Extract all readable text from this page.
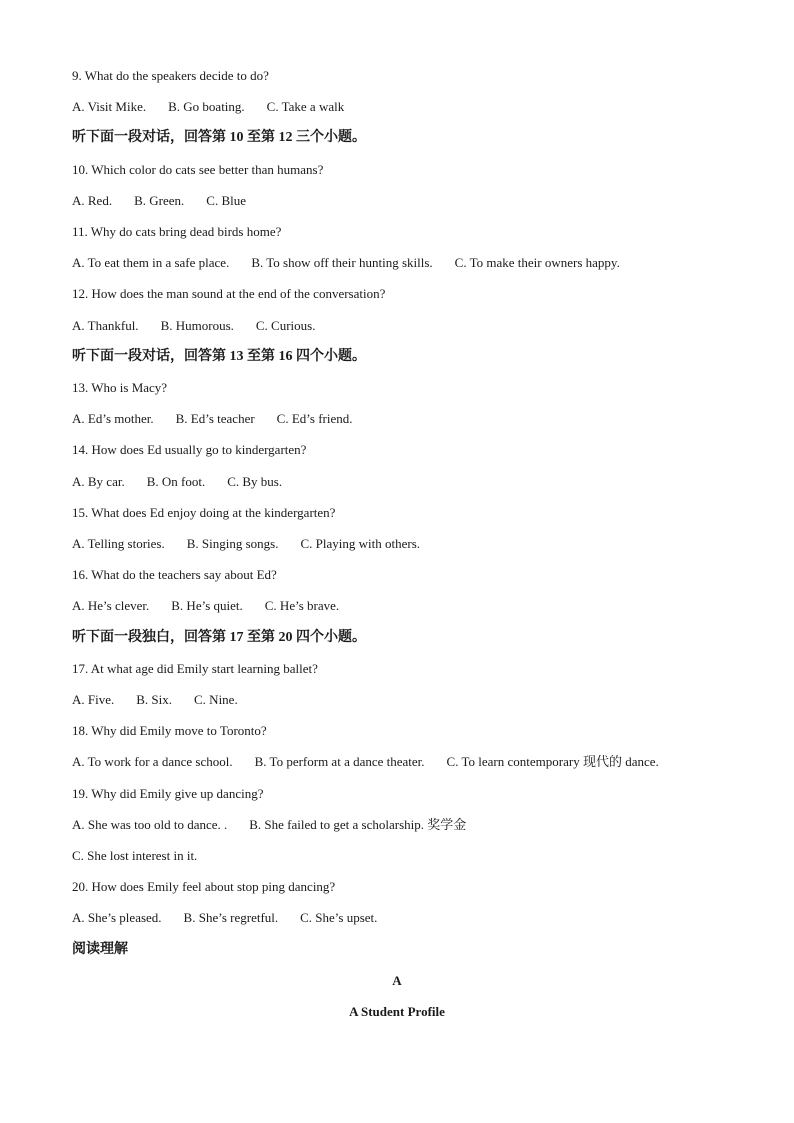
9. What do the speakers decide to do?
A. Visit Mike. B. Go boating. C. Take a walk
听下面一段对话，回答第 10 至第 12 三个小题。
10. Which color do cats see better than humans?
A. Red. B. Green. C. Blue
11. Why do cats bring dead birds home?
A. To eat them in a safe place. B. To show off their hunting skills. C. To make their owners happy.
12. How does the man sound at the end of the conversation?
A. Thankful. B. Humorous. C. Curious.
听下面一段对话，回答第 13 至第 16 四个小题。
13. Who is Macy?
A. Ed’s mother. B. Ed’s teacher C. Ed’s friend.
14. How does Ed usually go to kindergarten?
A. By car. B. On foot. C. By bus.
15. What does Ed enjoy doing at the kindergarten?
A. Telling stories. B. Singing songs. C. Playing with others.
16. What do the teachers say about Ed?
A. He’s clever. B. He’s quiet. C. He’s brave.
听下面一段独白，回答第 17 至第 20 四个小题。
17. At what age did Emily start learning ballet?
A. Five. B. Six. C. Nine.
18. Why did Emily move to Toronto?
A. To work for a dance school. B. To perform at a dance theater. C. To learn contemporary 现代的 dance.
19. Why did Emily give up dancing?
A. She was too old to dance. . B. She failed to get a scholarship. 奖学金
C. She lost interest in it.
20. How does Emily feel about stop ping dancing?
A. She’s pleased. B. She’s regretful. C. She’s upset.
阅读理解
A
A Student Profile
